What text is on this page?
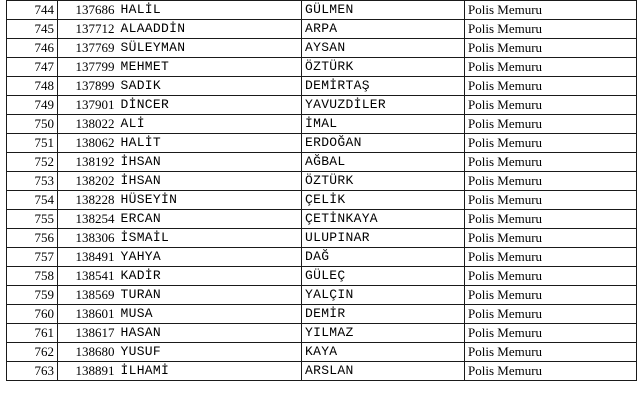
744	137686	HALİL	GÜLMEN	Polis Memuru
745	137712	ALAADDİN	ARPA	Polis Memuru
746	137769	SÜLEYMAN	AYSAN	Polis Memuru
747	137799	MEHMET	ÖZTÜRK	Polis Memuru
748	137899	SADIK	DEMİRTAŞ	Polis Memuru
749	137901	DİNCER	YAVUZDİLER	Polis Memuru
750	138022	ALİ	İMAL	Polis Memuru
751	138062	HALİT	ERDOĞAN	Polis Memuru
752	138192	İHSAN	AĞBAL	Polis Memuru
753	138202	İHSAN	ÖZTÜRK	Polis Memuru
754	138228	HÜSEYİN	ÇELİK	Polis Memuru
755	138254	ERCAN	ÇETİNKAYA	Polis Memuru
756	138306	İSMAİL	ULUPINAR	Polis Memuru
757	138491	YAHYA	DAĞ	Polis Memuru
758	138541	KADİR	GÜLEÇ	Polis Memuru
759	138569	TURAN	YALÇIN	Polis Memuru
760	138601	MUSA	DEMİR	Polis Memuru
761	138617	HASAN	YILMAZ	Polis Memuru
762	138680	YUSUF	KAYA	Polis Memuru
763	138891	İLHAMİ	ARSLAN	Polis Memuru
